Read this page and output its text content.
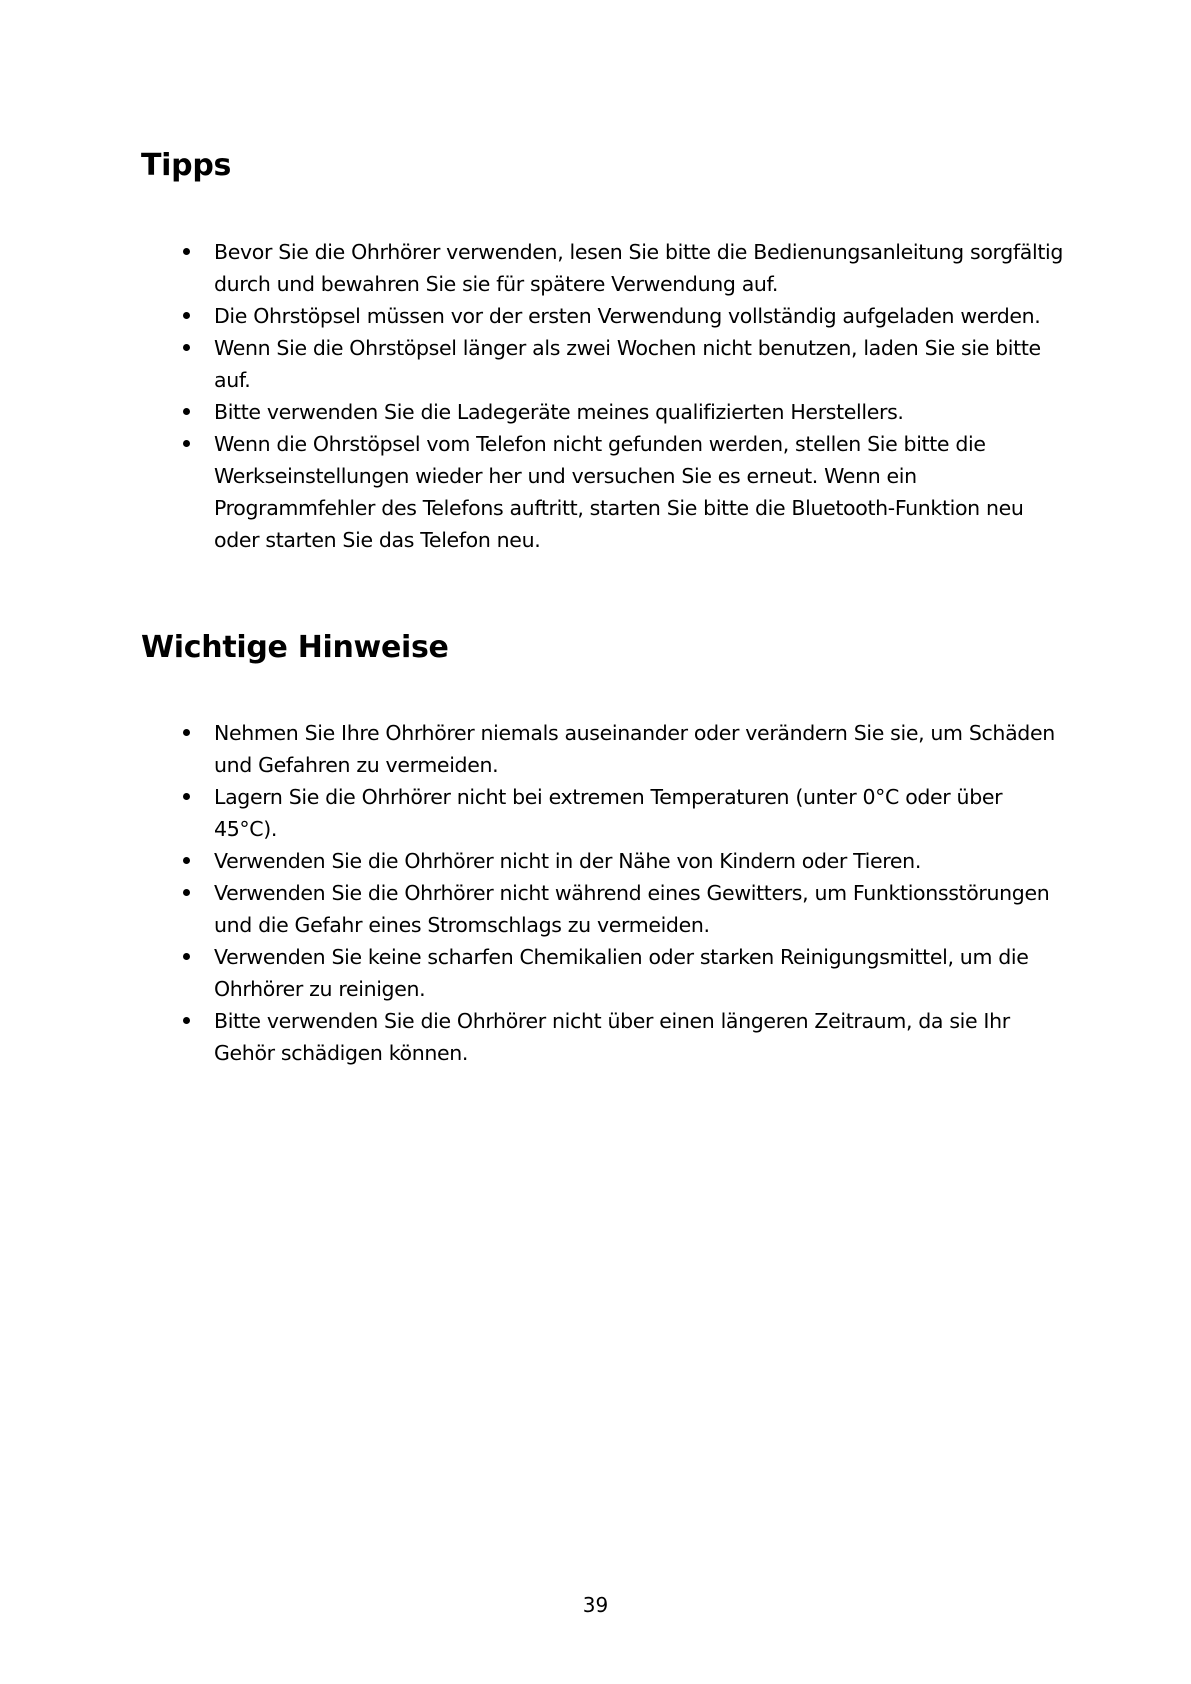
Tipps
Bevor Sie die Ohrhörer verwenden, lesen Sie bitte die Bedienungsanleitung sorgfältig durch und bewahren Sie sie für spätere Verwendung auf.
Die Ohrstöpsel müssen vor der ersten Verwendung vollständig aufgeladen werden.
Wenn Sie die Ohrstöpsel länger als zwei Wochen nicht benutzen, laden Sie sie bitte auf.
Bitte verwenden Sie die Ladegeräte meines qualifizierten Herstellers.
Wenn die Ohrstöpsel vom Telefon nicht gefunden werden, stellen Sie bitte die Werkseinstellungen wieder her und versuchen Sie es erneut. Wenn ein Programmfehler des Telefons auftritt, starten Sie bitte die Bluetooth-Funktion neu oder starten Sie das Telefon neu.
Wichtige Hinweise
Nehmen Sie Ihre Ohrhörer niemals auseinander oder verändern Sie sie, um Schäden und Gefahren zu vermeiden.
Lagern Sie die Ohrhörer nicht bei extremen Temperaturen (unter 0°C oder über 45°C).
Verwenden Sie die Ohrhörer nicht in der Nähe von Kindern oder Tieren.
Verwenden Sie die Ohrhörer nicht während eines Gewitters, um Funktionsstörungen und die Gefahr eines Stromschlags zu vermeiden.
Verwenden Sie keine scharfen Chemikalien oder starken Reinigungsmittel, um die Ohrhörer zu reinigen.
Bitte verwenden Sie die Ohrhörer nicht über einen längeren Zeitraum, da sie Ihr Gehör schädigen können.
39
